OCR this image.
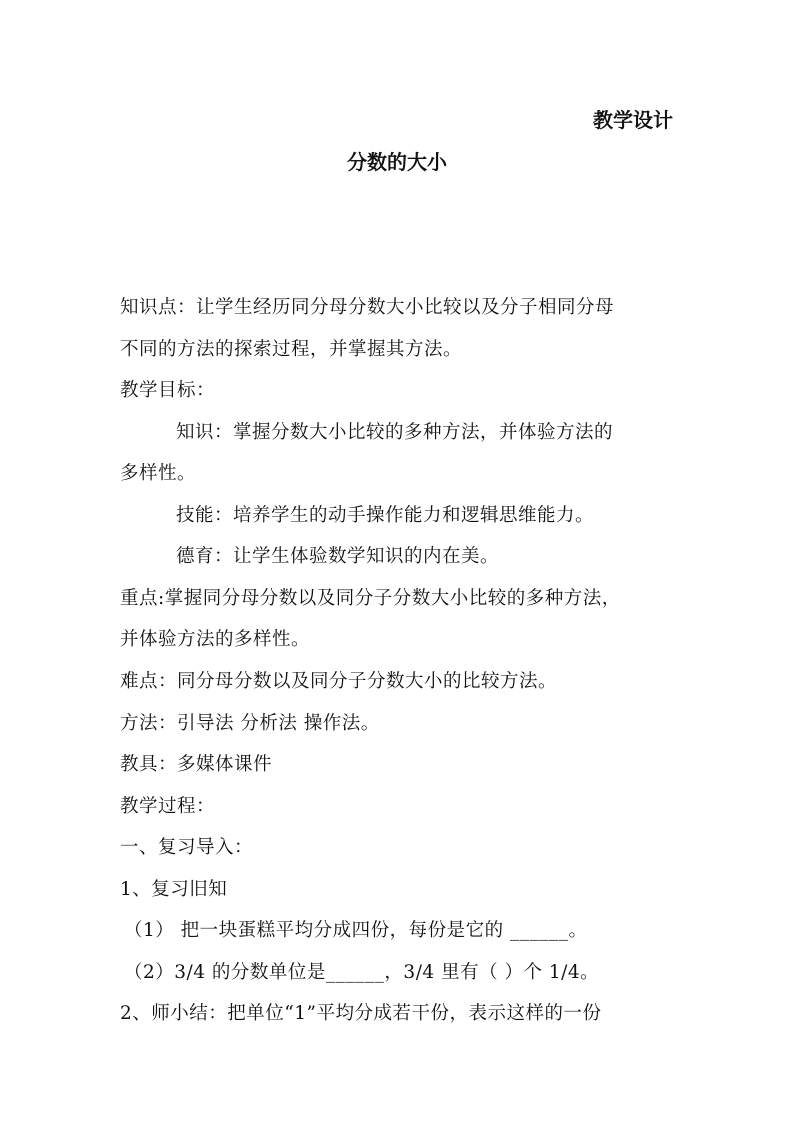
教学设计
分数的大小
知识点：让学生经历同分母分数大小比较以及分子相同分母
不同的方法的探索过程，并掌握其方法。
教学目标：
知识：掌握分数大小比较的多种方法，并体验方法的
多样性。
技能：培养学生的动手操作能力和逻辑思维能力。
德育：让学生体验数学知识的内在美。
重点:掌握同分母分数以及同分子分数大小比较的多种方法，
并体验方法的多样性。
难点：同分母分数以及同分子分数大小的比较方法。
方法：引导法 分析法 操作法。
教具：多媒体课件
教学过程：
一、复习导入：
1、复习旧知
（1） 把一块蛋糕平均分成四份，每份是它的 ______。
（2）3/4 的分数单位是______，3/4 里有（ ）个 1/4。
2、师小结：把单位“1”平均分成若干份，表示这样的一份
